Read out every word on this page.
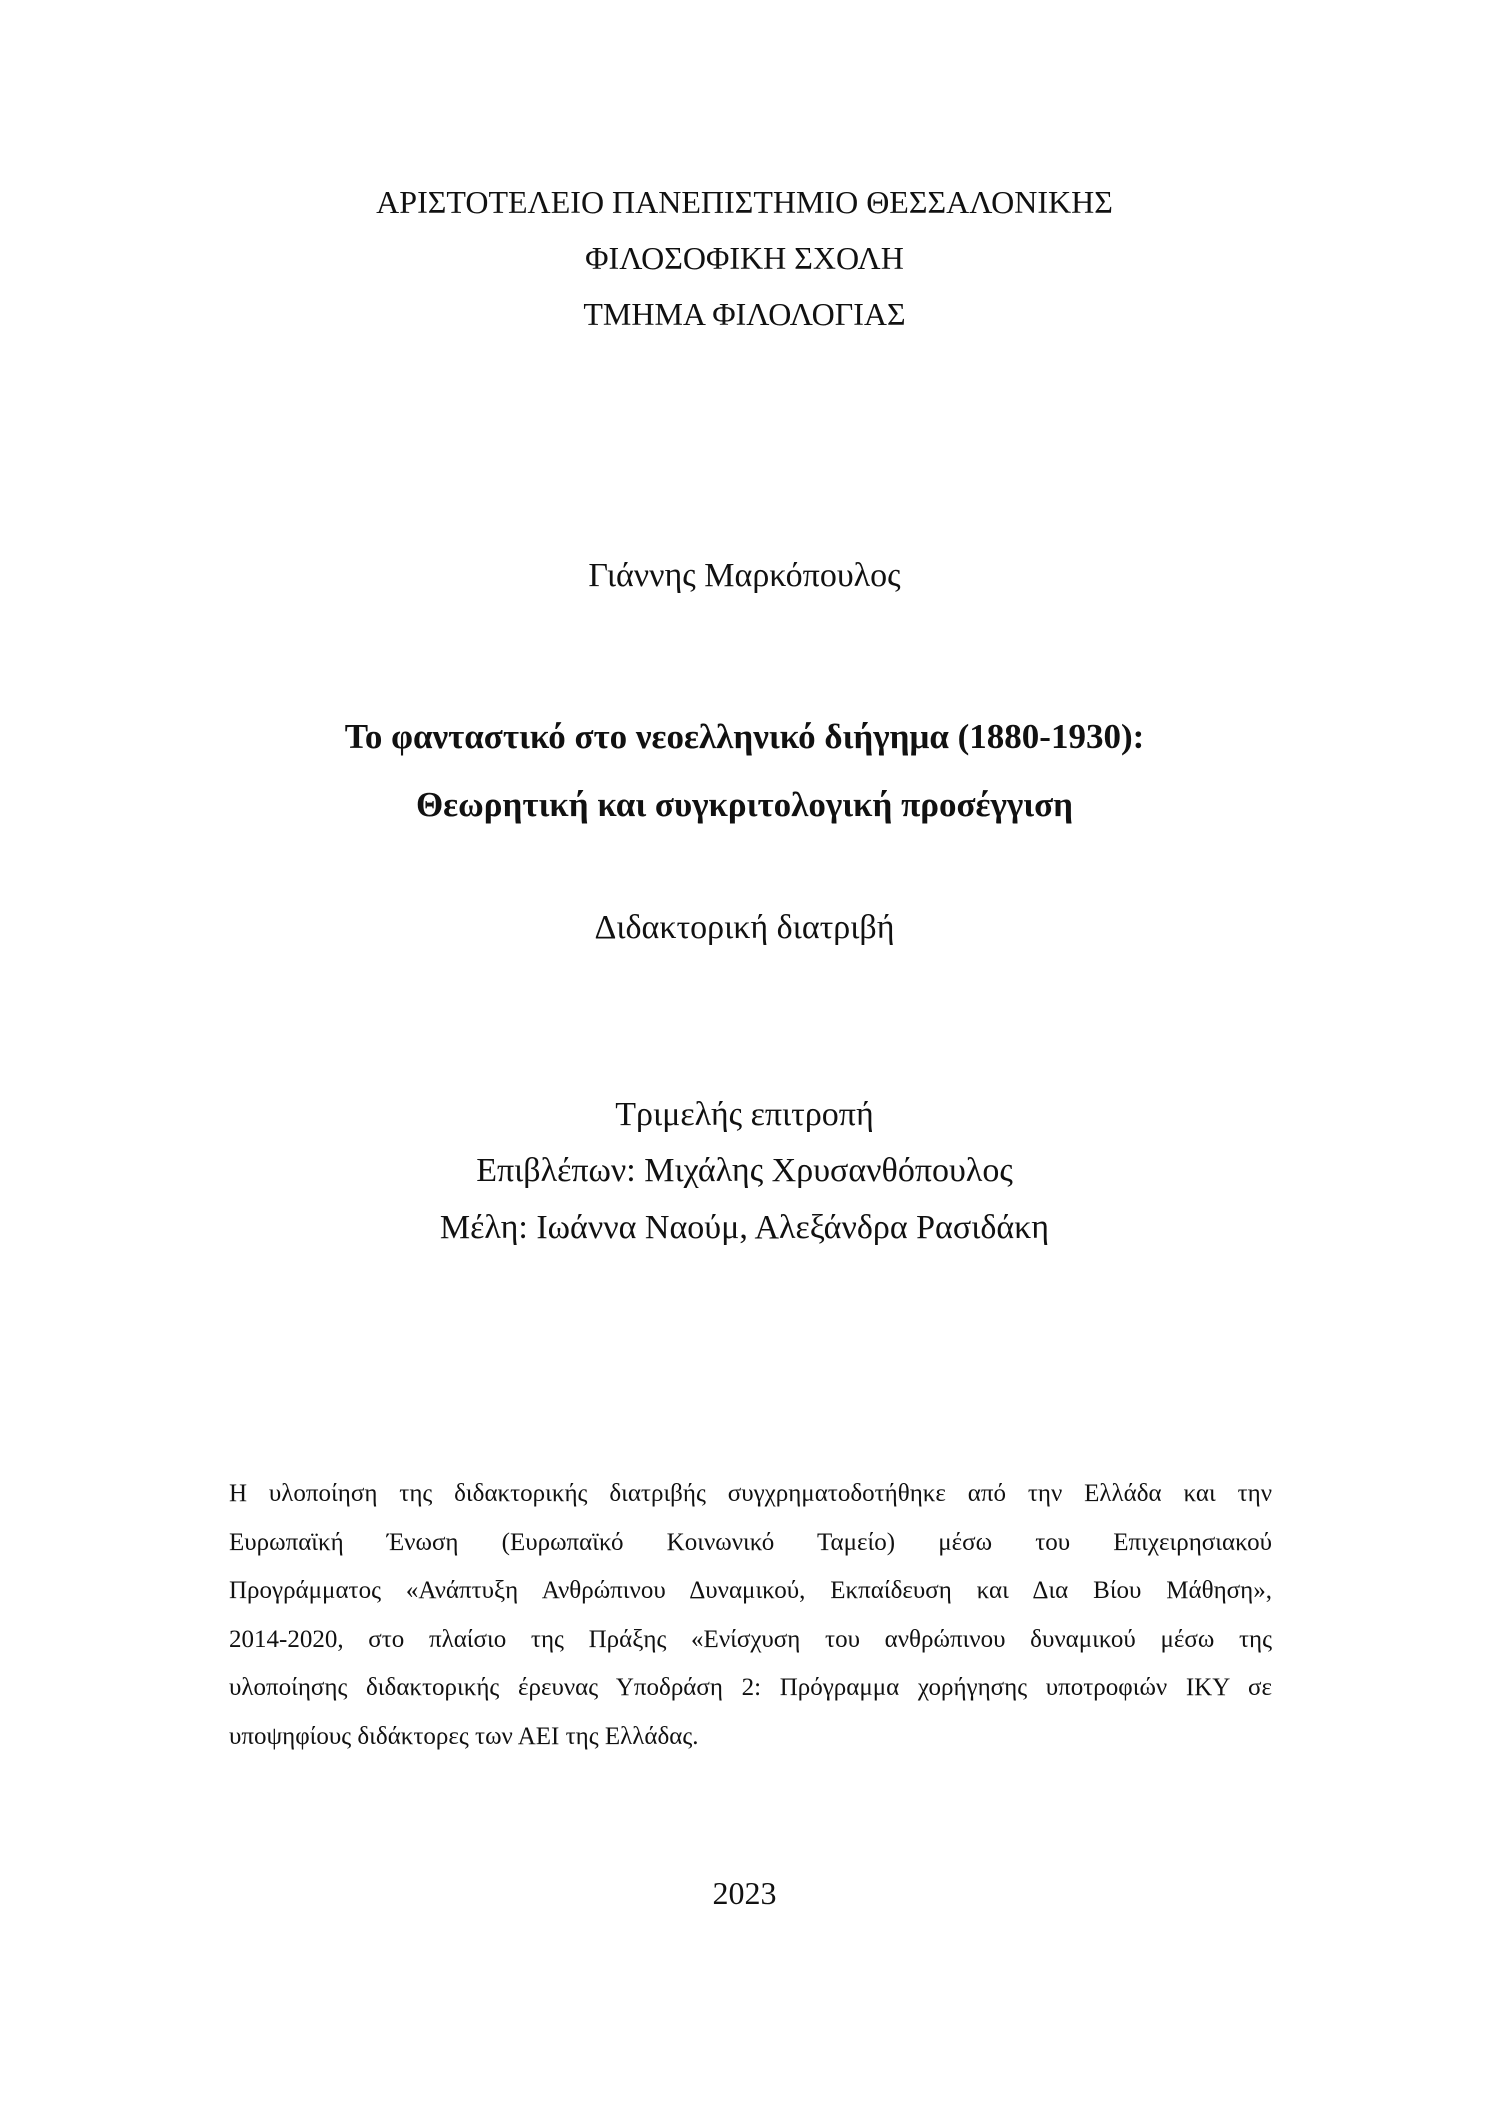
ΑΡΙΣΤΟΤΕΛΕΙΟ ΠΑΝΕΠΙΣΤΗΜΙΟ ΘΕΣΣΑΛΟΝΙΚΗΣ
ΦΙΛΟΣΟΦΙΚΗ ΣΧΟΛΗ
ΤΜΗΜΑ ΦΙΛΟΛΟΓΙΑΣ
Γιάννης Μαρκόπουλος
Το φανταστικό στο νεοελληνικό διήγημα (1880-1930):
Θεωρητική και συγκριτολογική προσέγγιση
Διδακτορική διατριβή
Τριμελής επιτροπή
Επιβλέπων: Μιχάλης Χρυσανθόπουλος
Μέλη: Ιωάννα Ναούμ, Αλεξάνδρα Ρασιδάκη
Η υλοποίηση της διδακτορικής διατριβής συγχρηματοδοτήθηκε από την Ελλάδα και την
Ευρωπαϊκή Ένωση (Ευρωπαϊκό Κοινωνικό Ταμείο) μέσω του Επιχειρησιακού
Προγράμματος «Ανάπτυξη Ανθρώπινου Δυναμικού, Εκπαίδευση και Δια Βίου Μάθηση»,
2014-2020, στο πλαίσιο της Πράξης «Ενίσχυση του ανθρώπινου δυναμικού μέσω της
υλοποίησης διδακτορικής έρευνας Υποδράση 2: Πρόγραμμα χορήγησης υποτροφιών ΙΚΥ σε
υποψηφίους διδάκτορες των ΑΕΙ της Ελλάδας.
2023
